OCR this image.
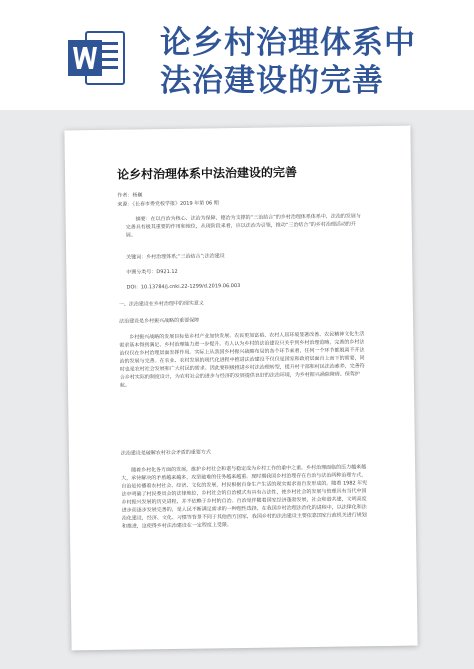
论乡村治理体系中
法治建设的完善
论乡村治理体系中法治建设的完善
作者：杨巍
来源：《长春市委党校学报》2019 年第 06 期
摘要：在以自治为核心、法治为保障、德治为支撑的“三治结合”的乡村治理体系体系中，法治的发展与完善具有极其重要的作用和地位，从现阶段来看，应以法治为引领，推动“三治结合”的乡村治理活动的开展。
关键词：乡村治理体系;“三治结合”;法治建设
中图分类号：D921.12
DOI：10.13784/j.cnki.22-1299/d.2019.06.003
一、法治建设在乡村治理中的现实意义
法治建设是乡村振兴战略的重要保障
乡村振兴战略的发展目标是乡村产业加快发展、农民更加富裕、农村人居环境显著改善、农民精神文化生活需求基本得到满足、乡村治理能力进一步提升。有人认为乡村的法治建设只关乎到乡村治理范畴，完善的乡村法治仅仅在乡村治理层面发挥作用。实际上从我国乡村振兴战略布局的各个环节来看，任何一个环节都脱离不开法治的发展与完善。在农业、农村发展的现代化进程中推进法治建设不仅仅是国家和政府层面自上而下的需要，同时也是农村社会发展和广大村民的需求。因此要积极推进乡村法治理转型，提升村干部和村民法治素养，完善符合乡村实际的制度设计，为农村社会的进步与经济的发展提供良好的法治环境，为乡村振兴涌除障碍、保驾护航。
法治建设是破解农村社会矛盾的重要方式
随着乡村化各方面的发展，维护乡村社会和谐与稳定成为乡村工作的重中之重，乡村治理面临的压力越来越大，承待解决的矛盾越来越多，攻坚破难的任务越来越重。现时期我国乡村治理存在自治与法治两种治理方式，自治是传播着农村社会、经济、文化的发展，村民根据自身生产生活的现实需求而自发形成的。随着 1982 年宪法中明确了村民委员会的法律地位，乡村社会的自治模式有具有合法性，使乡村社会的发展与管理具有当代中国乡村振兴发展的历史进程，并不依赖于乡村的自治。自治是伴随着国家经济蓬勃发展，社会和谐共建，文明高度进步而逐步发展完善的，是人民不断满足需求的一种理性选择，在我国乡村治理法治化的进程中，以法律化和法治化建设，经济、文化、习惯等背景不同于其他西方国家，我国乡村的法治建设主要依靠国家行政机关进行规划和推进，这使得乡村法治建设在一定程度上受限。
